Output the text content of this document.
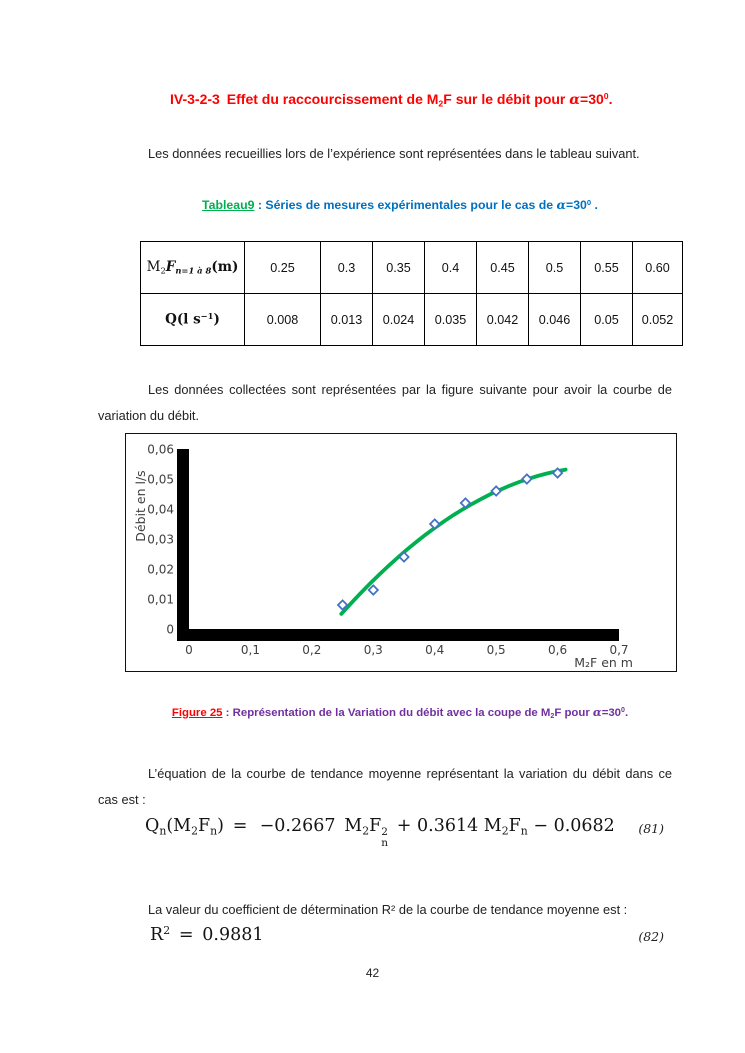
IV-3-2-3 Effet du raccourcissement de $M_2F$ sur le débit pour $\alpha=30^0$.

Les données recueillies lors de l’expérience sont représentées dans le tableau suivant.

Tableau9 : Séries de mesures expérimentales pour le cas de $\alpha=30^0$ .
$M_2F_{n=1 à 8}(m)$	0.25	0.3	0.35	0.4	0.45	0.5	0.55	0.60
Q(l $s^{-1}$)	0.008	0.013	0.024	0.035	0.042	0.046	0.05	0.052

Les données collectées sont représentées par la figure suivante pour avoir la courbe de variation du débit.

0
0,01
0,02
0,03
0,04
0,05
0,06
0	0,1	0,2	0,3	0,4	0,5	0,6	0,7
Débit en l/s
M₂F en m
Figure 25 : Représentation de la Variation du débit avec la coupe de $M_2F$ pour $\alpha=30^0$.

L’équation de la courbe de tendance moyenne représentant la variation du débit dans ce cas est :

$Q_n(M_2F_n)$ =  −0.2667 $M_2F$ 2
n
 + 0.3614 $M_2F_n - 0.0682$ (81)

La valeur du coefficient de détermination R² de la courbe de tendance moyenne est :

$R^2$ = 0.9881	(82)
42
